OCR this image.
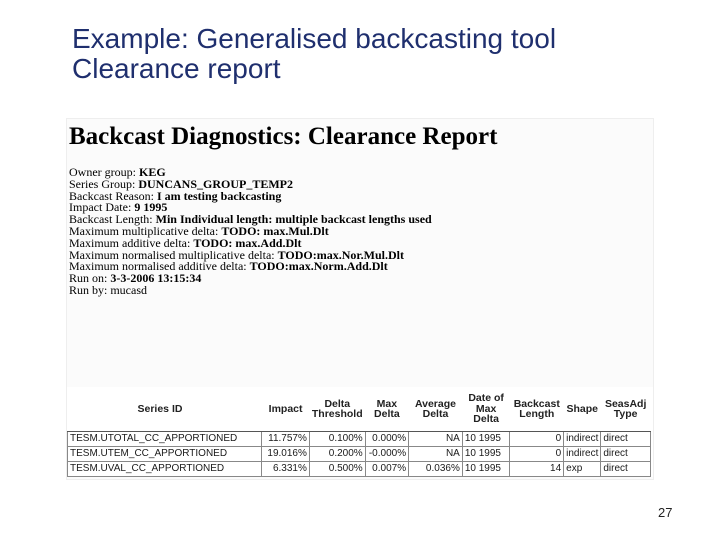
Example: Generalised backcasting tool
Clearance report
Backcast Diagnostics: Clearance Report
Owner group: KEG
Series Group: DUNCANS_GROUP_TEMP2
Backcast Reason: I am testing backcasting
Impact Date: 9 1995
Backcast Length: Min Individual length: multiple backcast lengths used
Maximum multiplicative delta: TODO: max.Mul.Dlt
Maximum additive delta: TODO: max.Add.Dlt
Maximum normalised multiplicative delta: TODO:max.Nor.Mul.Dlt
Maximum normalised additive delta: TODO:max.Norm.Add.Dlt
Run on: 3-3-2006 13:15:34
Run by: mucasd
Series ID	Impact	Delta Threshold	Max Delta	Average Delta	Date of Max Delta	Backcast Length	Shape	SeasAdj Type
TESM.UTOTAL_CC_APPORTIONED	11.757%	0.100%	0.000%	NA	10 1995	0	indirect	direct
TESM.UTEM_CC_APPORTIONED	19.016%	0.200%	-0.000%	NA	10 1995	0	indirect	direct
TESM.UVAL_CC_APPORTIONED	6.331%	0.500%	0.007%	0.036%	10 1995	14	exp	direct
27
